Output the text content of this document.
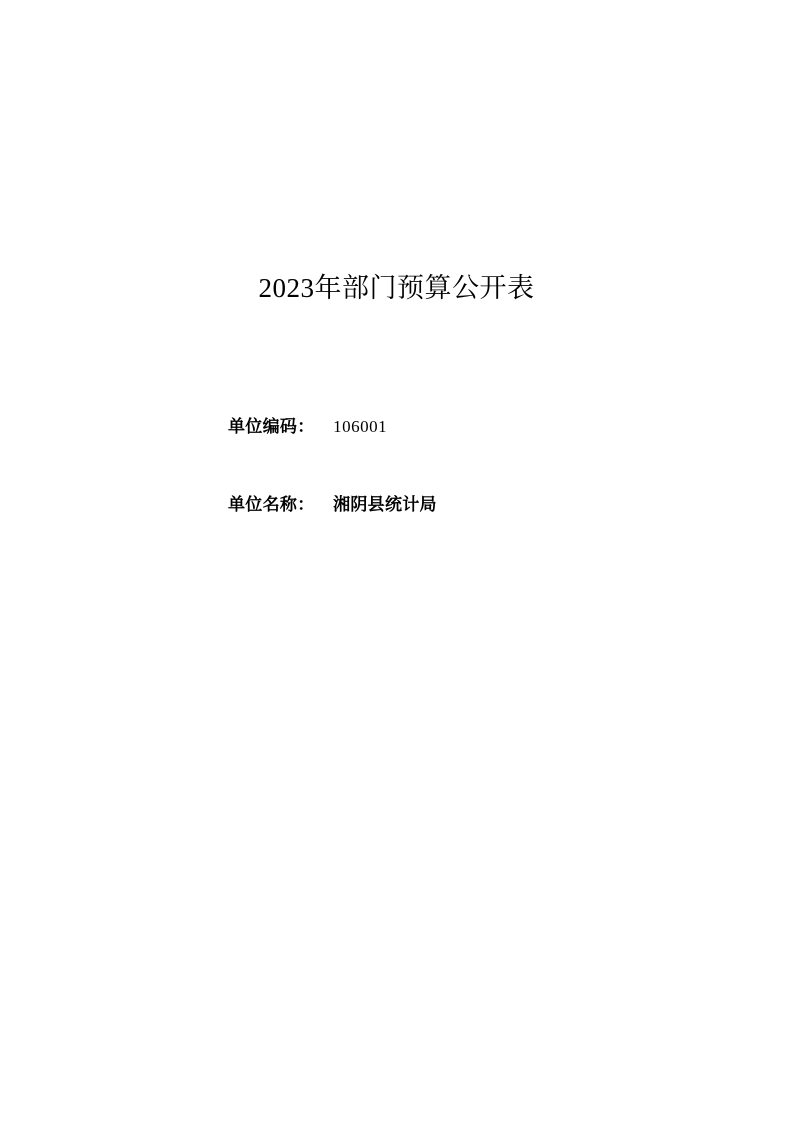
2023年部门预算公开表
单位编码： 106001
单位名称： 湘阴县统计局
